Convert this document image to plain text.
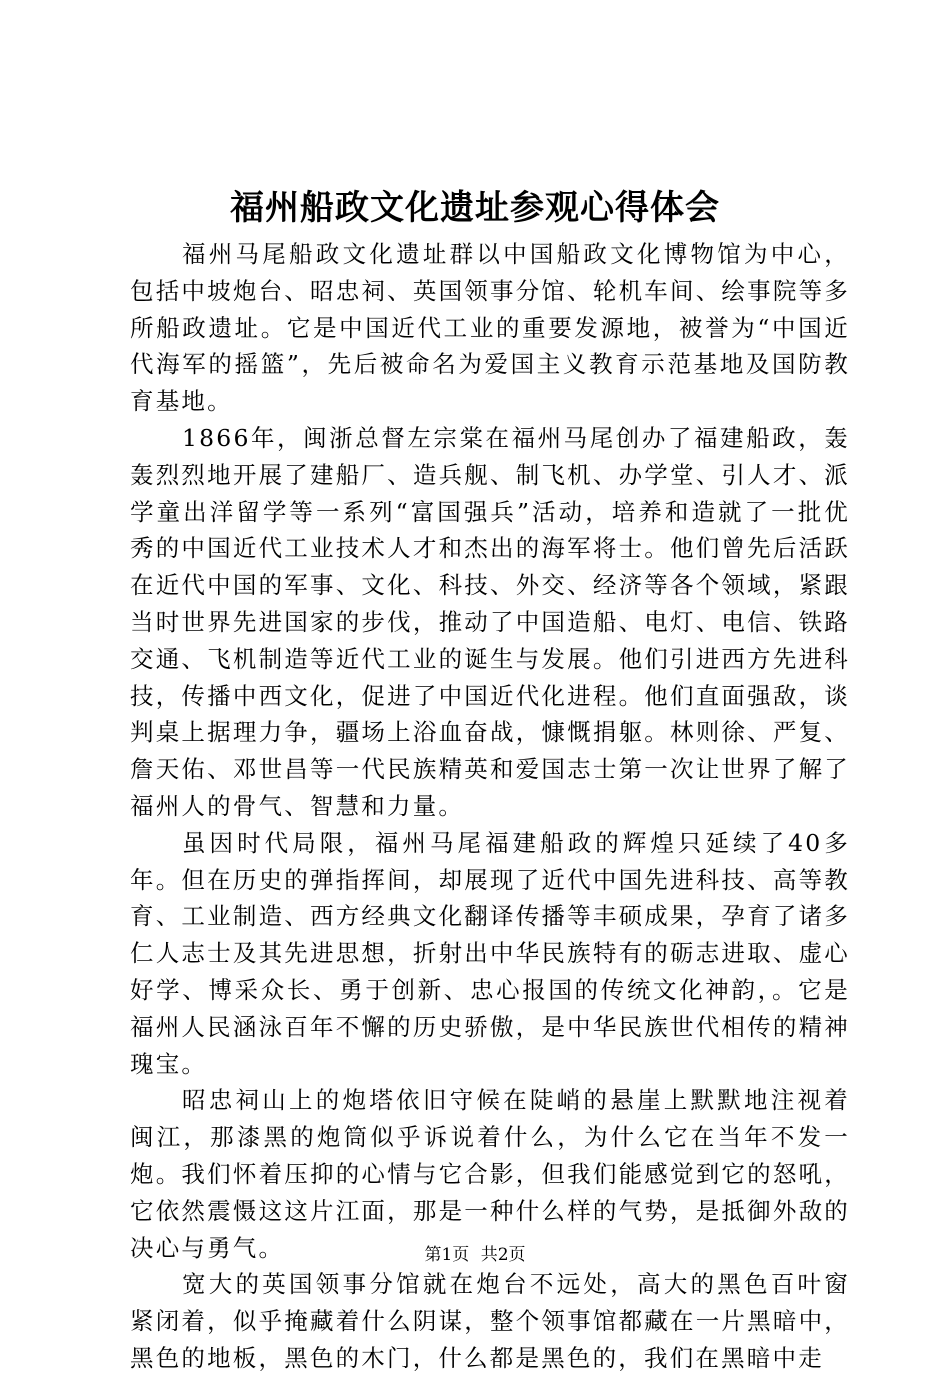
福州船政文化遗址参观心得体会

福州马尾船政文化遗址群以中国船政文化博物馆为中心，包括中坡炮台、昭忠祠、英国领事分馆、轮机车间、绘事院等多所船政遗址。它是中国近代工业的重要发源地，被誉为“中国近代海军的摇篮”，先后被命名为爱国主义教育示范基地及国防教育基地。

1866年，闽浙总督左宗棠在福州马尾创办了福建船政，轰轰烈烈地开展了建船厂、造兵舰、制飞机、办学堂、引人才、派学童出洋留学等一系列“富国强兵”活动，培养和造就了一批优秀的中国近代工业技术人才和杰出的海军将士。他们曾先后活跃在近代中国的军事、文化、科技、外交、经济等各个领域，紧跟当时世界先进国家的步伐，推动了中国造船、电灯、电信、铁路交通、飞机制造等近代工业的诞生与发展。他们引进西方先进科技，传播中西文化，促进了中国近代化进程。他们直面强敌，谈判桌上据理力争，疆场上浴血奋战，慷慨捐躯。林则徐、严复、詹天佑、邓世昌等一代民族精英和爱国志士第一次让世界了解了福州人的骨气、智慧和力量。

虽因时代局限，福州马尾福建船政的辉煌只延续了40多年。但在历史的弹指挥间，却展现了近代中国先进科技、高等教育、工业制造、西方经典文化翻译传播等丰硕成果，孕育了诸多仁人志士及其先进思想，折射出中华民族特有的砺志进取、虚心好学、博采众长、勇于创新、忠心报国的传统文化神韵，。它是福州人民涵泳百年不懈的历史骄傲，是中华民族世代相传的精神瑰宝。

昭忠祠山上的炮塔依旧守候在陡峭的悬崖上默默地注视着闽江，那漆黑的炮筒似乎诉说着什么，为什么它在当年不发一炮。我们怀着压抑的心情与它合影，但我们能感觉到它的怒吼，它依然震慑这这片江面，那是一种什么样的气势，是抵御外敌的决心与勇气。

宽大的英国领事分馆就在炮台不远处，高大的黑色百叶窗紧闭着，似乎掩藏着什么阴谋，整个领事馆都藏在一片黑暗中，黑色的地板，黑色的木门，什么都是黑色的，我们在黑暗中走

第1页 共2页
